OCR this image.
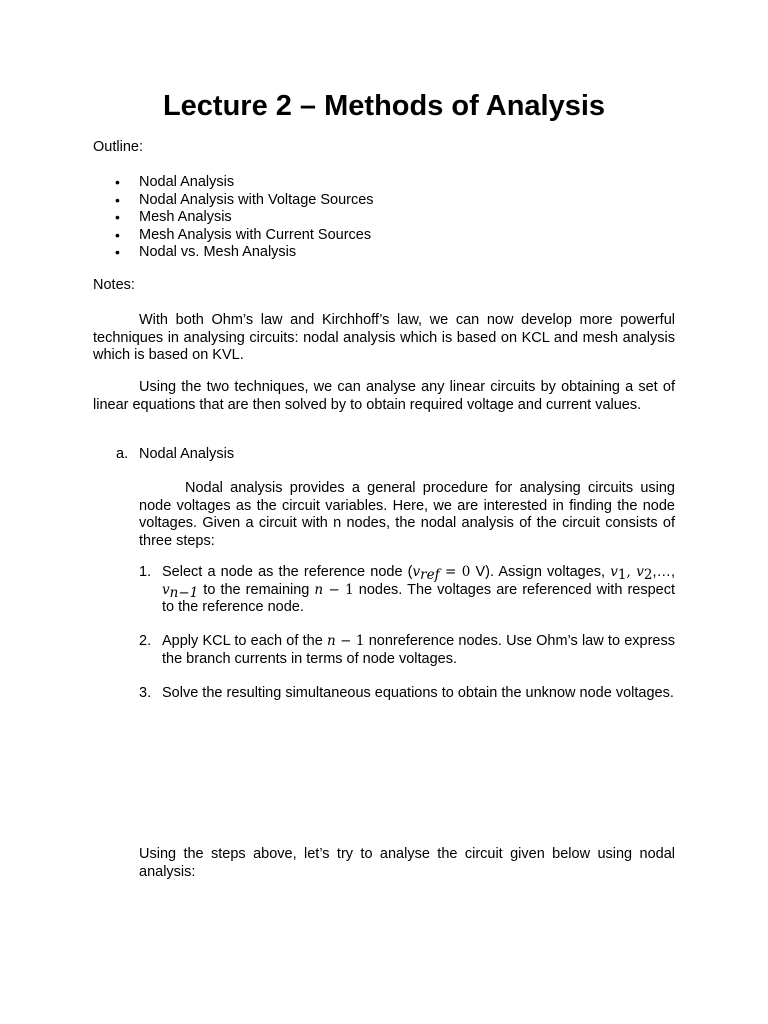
Lecture 2 – Methods of Analysis
Outline:
• Nodal Analysis
• Nodal Analysis with Voltage Sources
• Mesh Analysis
• Mesh Analysis with Current Sources
• Nodal vs. Mesh Analysis
Notes:

With both Ohm’s law and Kirchhoff’s law, we can now develop more powerful techniques in analysing circuits: nodal analysis which is based on KCL and mesh analysis which is based on KVL.

Using the two techniques, we can analyse any linear circuits by obtaining a set of linear equations that are then solved by to obtain required voltage and current values.

a. Nodal Analysis

Nodal analysis provides a general procedure for analysing circuits using node voltages as the circuit variables. Here, we are interested in finding the node voltages. Given a circuit with n nodes, the nodal analysis of the circuit consists of three steps:

1. Select a node as the reference node ($v_{ref} = 0$ V). Assign voltages, $v_1$, $v_2,\dots$, $v_{n-1}$ to the remaining n − 1 nodes. The voltages are referenced with respect to the reference node.
2. Apply KCL to each of the n − 1 nonreference nodes. Use Ohm’s law to express the branch currents in terms of node voltages.
3. Solve the resulting simultaneous equations to obtain the unknow node voltages.

Using the steps above, let’s try to analyse the circuit given below using nodal analysis:
